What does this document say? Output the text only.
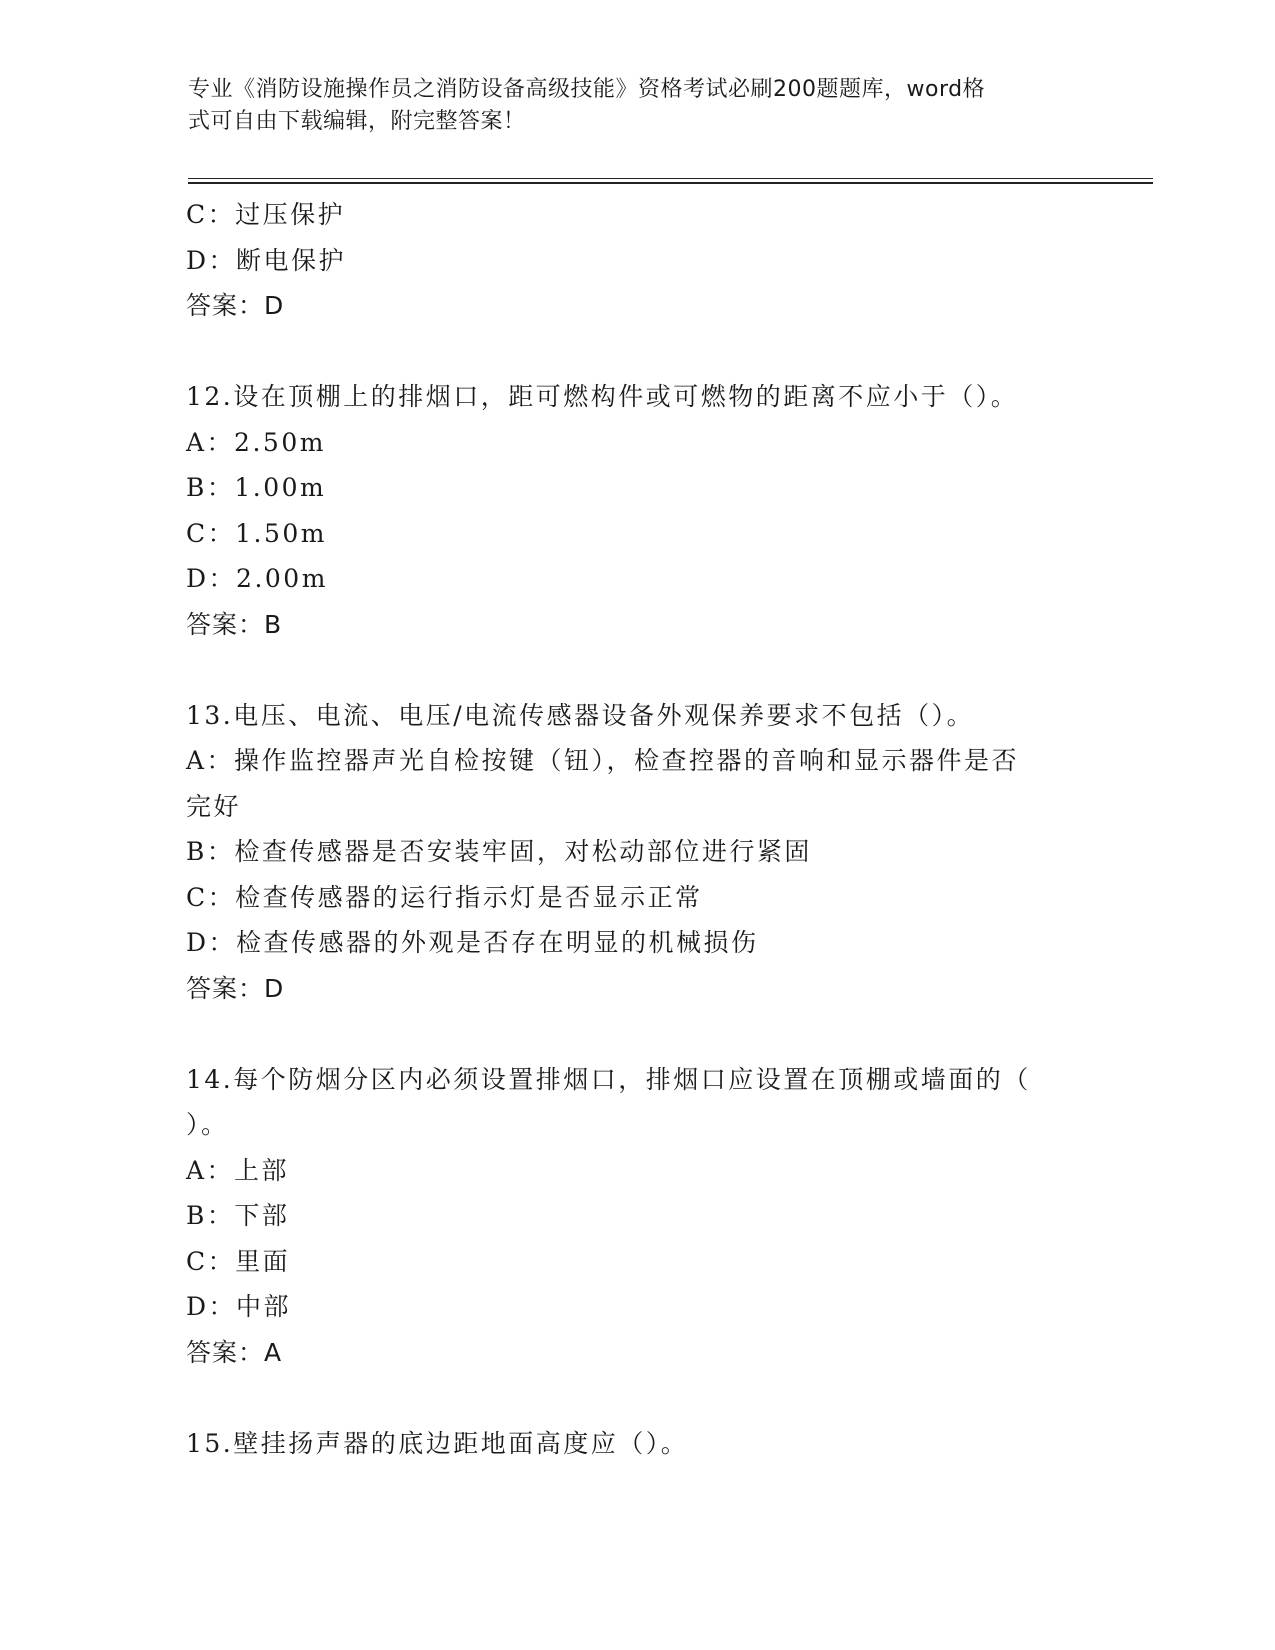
专业《消防设施操作员之消防设备高级技能》资格考试必刷200题题库，word格
式可自由下载编辑，附完整答案！
C：过压保护
D：断电保护
答案：D
12.设在顶棚上的排烟口，距可燃构件或可燃物的距离不应小于（）。
A：2.50m
B：1.00m
C：1.50m
D：2.00m
答案：B
13.电压、电流、电压/电流传感器设备外观保养要求不包括（）。
A：操作监控器声光自检按键（钮），检查控器的音响和显示器件是否
完好
B：检查传感器是否安装牢固，对松动部位进行紧固
C：检查传感器的运行指示灯是否显示正常
D：检查传感器的外观是否存在明显的机械损伤
答案：D
14.每个防烟分区内必须设置排烟口，排烟口应设置在顶棚或墙面的（
）。
A：上部
B：下部
C：里面
D：中部
答案：A
15.壁挂扬声器的底边距地面高度应（）。
